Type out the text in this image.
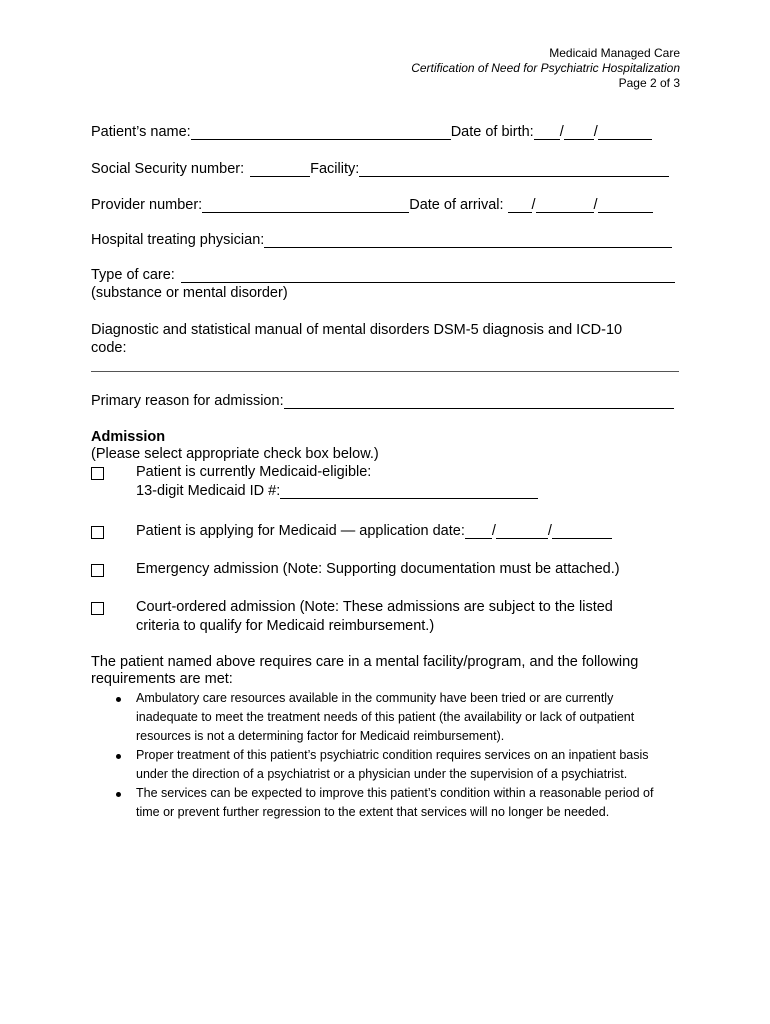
Medicaid Managed Care
Certification of Need for Psychiatric Hospitalization
Page 2 of 3
Patient’s name:	Date of birth: / /
Social Security number:	Facility:
Provider number:	Date of arrival: /	/
Hospital treating physician:
Type of care:
(substance or mental disorder)
Diagnostic and statistical manual of mental disorders DSM-5 diagnosis and ICD-10 code:
Primary reason for admission:
Admission
(Please select appropriate check box below.)
Patient is currently Medicaid-eligible:
13-digit Medicaid ID #:
Patient is applying for Medicaid — application date: /	/
Emergency admission (Note: Supporting documentation must be attached.)
Court-ordered admission (Note: These admissions are subject to the listed
criteria to qualify for Medicaid reimbursement.)
The patient named above requires care in a mental facility/program, and the following requirements are met:
Ambulatory care resources available in the community have been tried or are currently inadequate to meet the treatment needs of this patient (the availability or lack of outpatient resources is not a determining factor for Medicaid reimbursement).
Proper treatment of this patient’s psychiatric condition requires services on an inpatient basis under the direction of a psychiatrist or a physician under the supervision of a psychiatrist.
The services can be expected to improve this patient’s condition within a reasonable period of time or prevent further regression to the extent that services will no longer be needed.
